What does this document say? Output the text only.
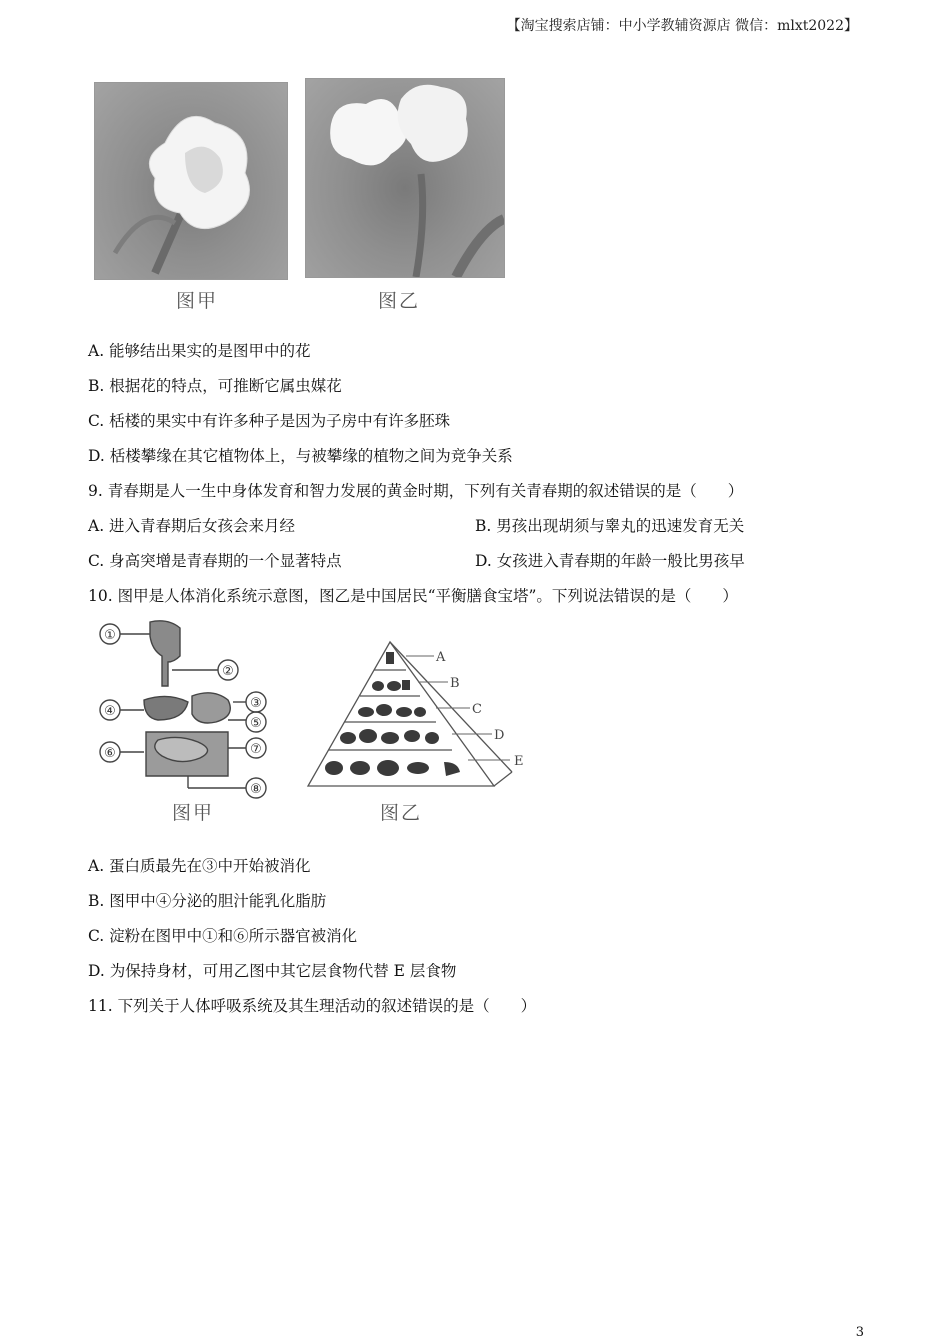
【淘宝搜索店铺：中小学教辅资源店 微信：mlxt2022】
图甲	图乙
A. 能够结出果实的是图甲中的花
B. 根据花的特点，可推断它属虫媒花
C. 栝楼的果实中有许多种子是因为子房中有许多胚珠
D. 栝楼攀缘在其它植物体上，与被攀缘的植物之间为竞争关系
9. 青春期是人一生中身体发育和智力发展的黄金时期，下列有关青春期的叙述错误的是（　　）
A. 进入青春期后女孩会来月经	B. 男孩出现胡须与睾丸的迅速发育无关
C. 身高突增是青春期的一个显著特点	D. 女孩进入青春期的年龄一般比男孩早
10. 图甲是人体消化系统示意图，图乙是中国居民“平衡膳食宝塔”。下列说法错误的是（　　）
①
②
③
④
⑤
⑥	⑦
⑧
A
B
C
D
E
图甲	图乙
A. 蛋白质最先在③中开始被消化
B. 图甲中④分泌的胆汁能乳化脂肪
C. 淀粉在图甲中①和⑥所示器官被消化
D. 为保持身材，可用乙图中其它层食物代替 E 层食物
11. 下列关于人体呼吸系统及其生理活动的叙述错误的是（　　）
3
